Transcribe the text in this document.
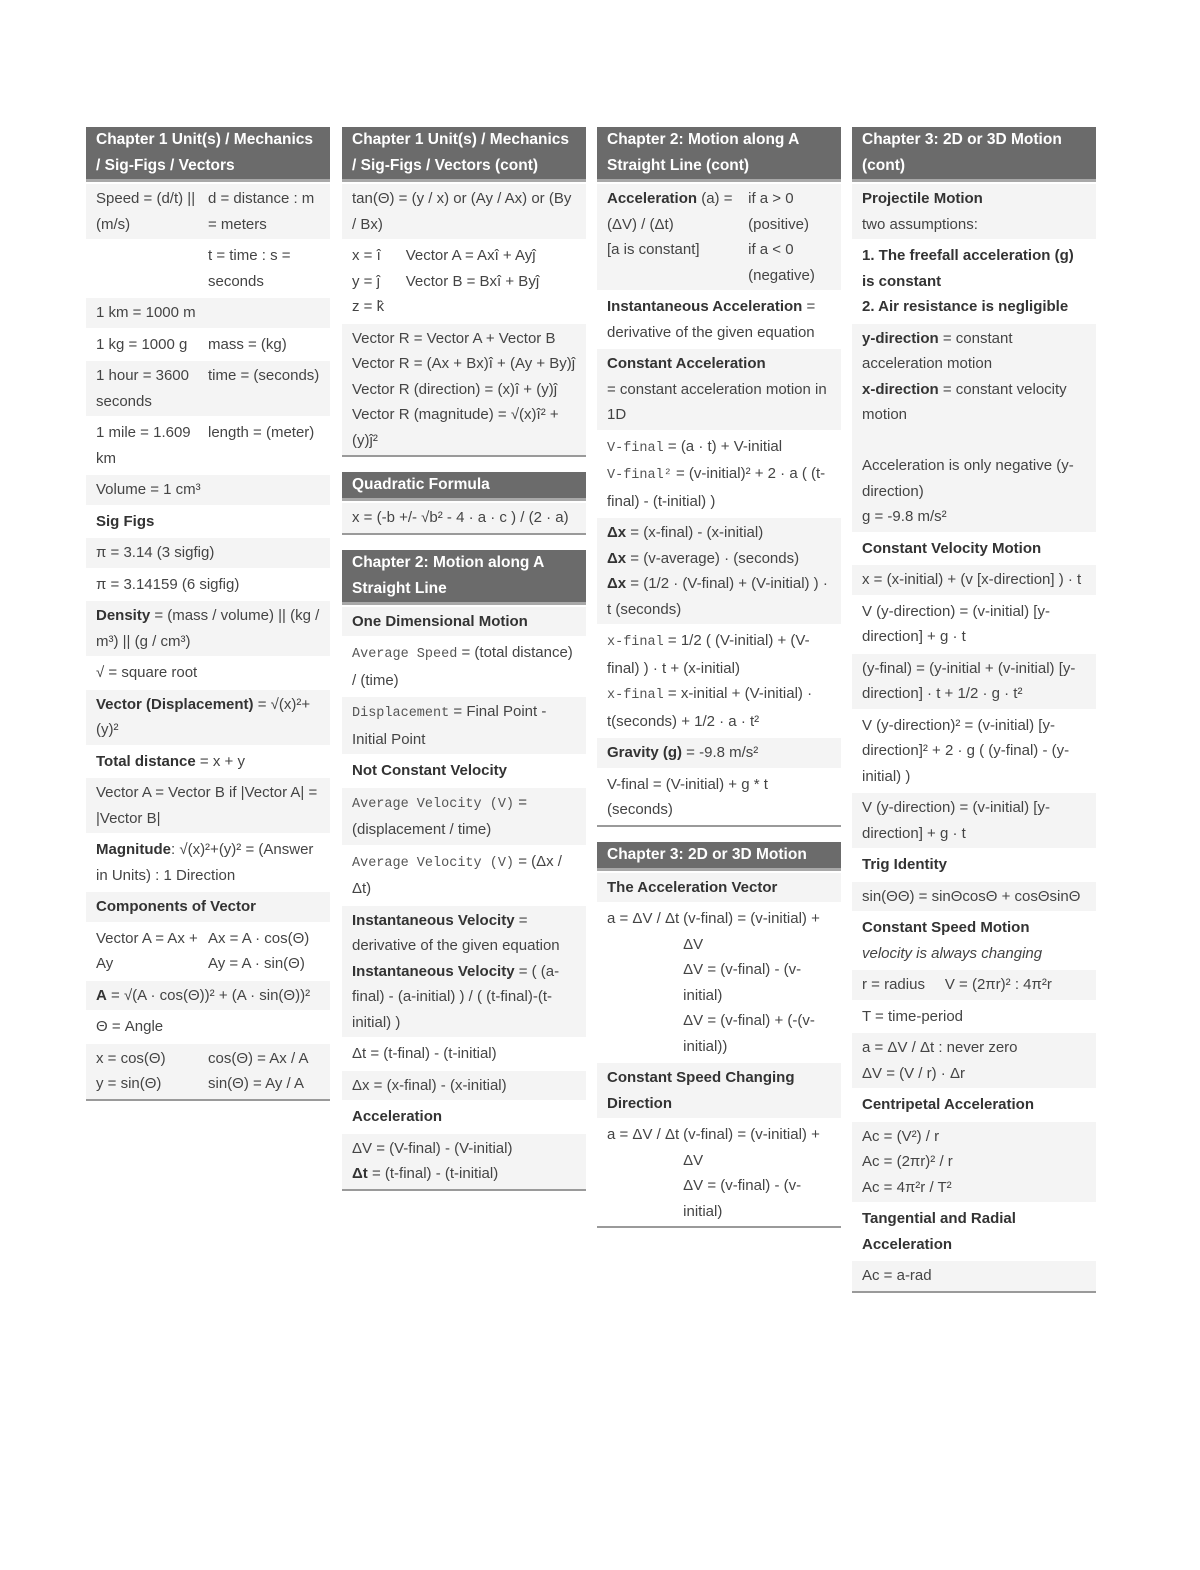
Chapter 1 Unit(s) / Mechanics / Sig-Figs / Vectors
Speed = (d/t) || (m/s)
d = distance : m = meters

t = time : s = seconds
1 km = 1000 m
1 kg = 1000 g	mass = (kg)
1 hour = 3600 seconds
time = (seconds)
1 mile = 1.609 km
length = (meter)
Volume = 1 cm³
Sig Figs
π = 3.14 (3 sigfig)
π = 3.14159 (6 sigfig)
Density = (mass / volume) || (kg / m³) || (g / cm³)
√ = square root
Vector (Displacement) = √(x)²+(y)²
Total distance = x + y
Vector A = Vector B if |Vector A| = |Vector B|
Magnitude: √(x)²+(y)² = (Answer in Units) : 1 Direction
Components of Vector
Vector A = Ax + Ay
Ax = A · cos(Θ)
Ay = A · sin(Θ)
A = √(A · cos(Θ))² + (A · sin(Θ))²
Θ = Angle
x = cos(Θ)
y = sin(Θ)
cos(Θ) = Ax / A
sin(Θ) = Ay / A
Chapter 1 Unit(s) / Mechanics / Sig-Figs / Vectors (cont)
tan(Θ) = (y / x) or (Ay / Ax) or (By / Bx)
x = î
y = ĵ
z = k̂
Vector A = Axî + Ayĵ
Vector B = Bxî + Byĵ
Vector R = Vector A + Vector B
Vector R = (Ax + Bx)î + (Ay + By)ĵ
Vector R (direction) = (x)î + (y)ĵ
Vector R (magnitude) = √(x)î² + (y)ĵ²
Quadratic Formula
x = (-b +/- √b² - 4 · a · c ) / (2 · a)
Chapter 2: Motion along A Straight Line
One Dimensional Motion
Average Speed = (total distance) / (time)
Displacement = Final Point - Initial Point
Not Constant Velocity
Average Velocity (V) = (displacement / time)
Average Velocity (V) = (Δx / Δt)
Instantaneous Velocity = derivative of the given equation
Instantaneous Velocity = ( (a-final) - (a-initial) ) / ( (t-final)-(t-initial) )
Δt = (t-final) - (t-initial)
Δx = (x-final) - (x-initial)
Acceleration
ΔV = (V-final) - (V-initial)
Δt = (t-final) - (t-initial)
Chapter 2: Motion along A Straight Line (cont)
Acceleration (a) = (ΔV) / (Δt)
[a is constant]
if a > 0
(positive)
if a < 0
(negative)
Instantaneous Acceleration = derivative of the given equation
Constant Acceleration
= constant acceleration motion in 1D
V-final = (a · t) + V-initial
V-final² = (v-initial)² + 2 · a ( (t-final) - (t-initial) )
Δx = (x-final) - (x-initial)
Δx = (v-average) · (seconds)
Δx = (1/2 · (V-final) + (V-initial) ) · t (seconds)
x-final = 1/2 ( (V-initial) + (V-final) ) · t + (x-initial)
x-final = x-initial + (V-initial) · t(seconds) + 1/2 · a · t²
Gravity (g) = -9.8 m/s²
V-final = (V-initial) + g * t (seconds)
Chapter 3: 2D or 3D Motion
The Acceleration Vector
a = ΔV / Δt (v-final) = (v-initial) + ΔV
ΔV = (v-final) - (v-initial)
ΔV = (v-final) + (-(v-initial))
Constant Speed Changing Direction
a = ΔV / Δt (v-final) = (v-initial) + ΔV
ΔV = (v-final) - (v-initial)
Chapter 3: 2D or 3D Motion (cont)
Projectile Motion
two assumptions:
1. The freefall acceleration (g) is constant
2. Air resistance is negligible
y-direction = constant acceleration motion
x-direction = constant velocity motion

Acceleration is only negative (y-direction)
g = -9.8 m/s²
Constant Velocity Motion
x = (x-initial) + (v [x-direction] ) · t
V (y-direction) = (v-initial) [y-direction] + g · t
(y-final) = (y-initial + (v-initial) [y-direction] · t + 1/2 · g · t²
V (y-direction)² = (v-initial) [y-direction]² + 2 · g ( (y-final) - (y-initial) )
V (y-direction) = (v-initial) [y-direction] + g · t
Trig Identity
sin(ΘΘ) = sinΘcosΘ + cosΘsinΘ
Constant Speed Motion
velocity is always changing
r = radius	V = (2πr)² : 4π²r
T = time-period
a = ΔV / Δt : never zero
ΔV = (V / r) · Δr
Centripetal Acceleration
Ac = (V²) / r
Ac = (2πr)² / r
Ac = 4π²r / T²
Tangential and Radial Acceleration
Ac = a-rad
